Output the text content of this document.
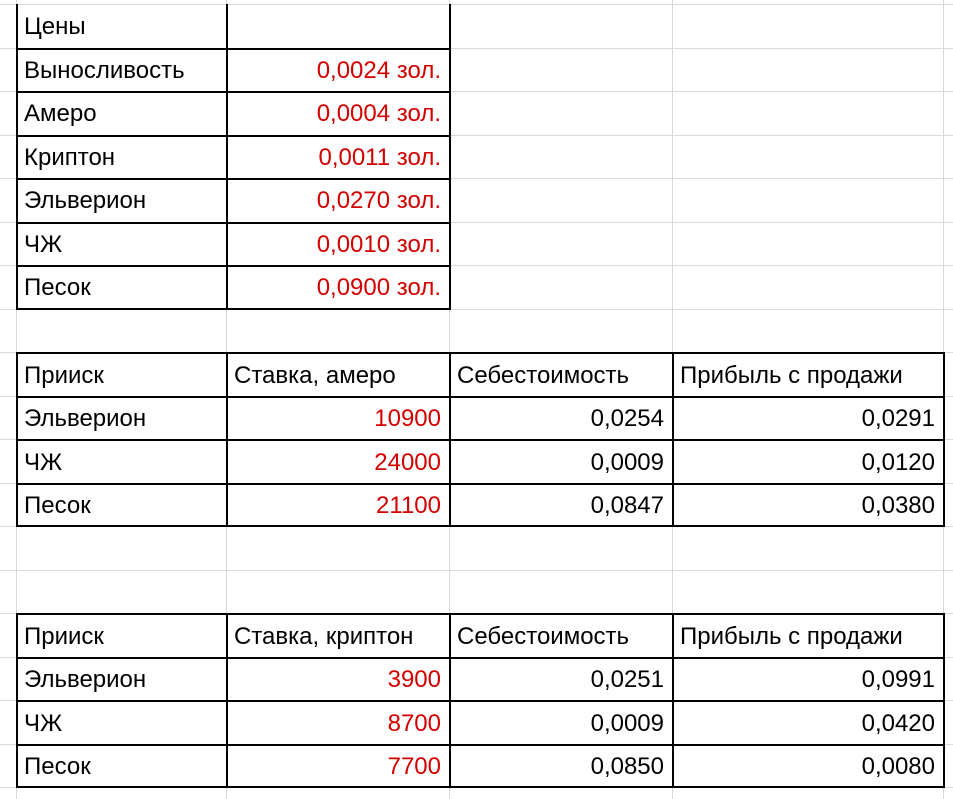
Цены
Выносливость	0,0024 зол.
Амеро	0,0004 зол.
Криптон	0,0011 зол.
Эльверион	0,0270 зол.
ЧЖ	0,0010 зол.
Песок	0,0900 зол.
Прииск	Ставка, амеро	Себестоимость	Прибыль с продажи
Эльверион	10900	0,0254	0,0291
ЧЖ	24000	0,0009	0,0120
Песок	21100	0,0847	0,0380
Прииск	Ставка, криптон	Себестоимость	Прибыль с продажи
Эльверион	3900	0,0251	0,0991
ЧЖ	8700	0,0009	0,0420
Песок	7700	0,0850	0,0080
